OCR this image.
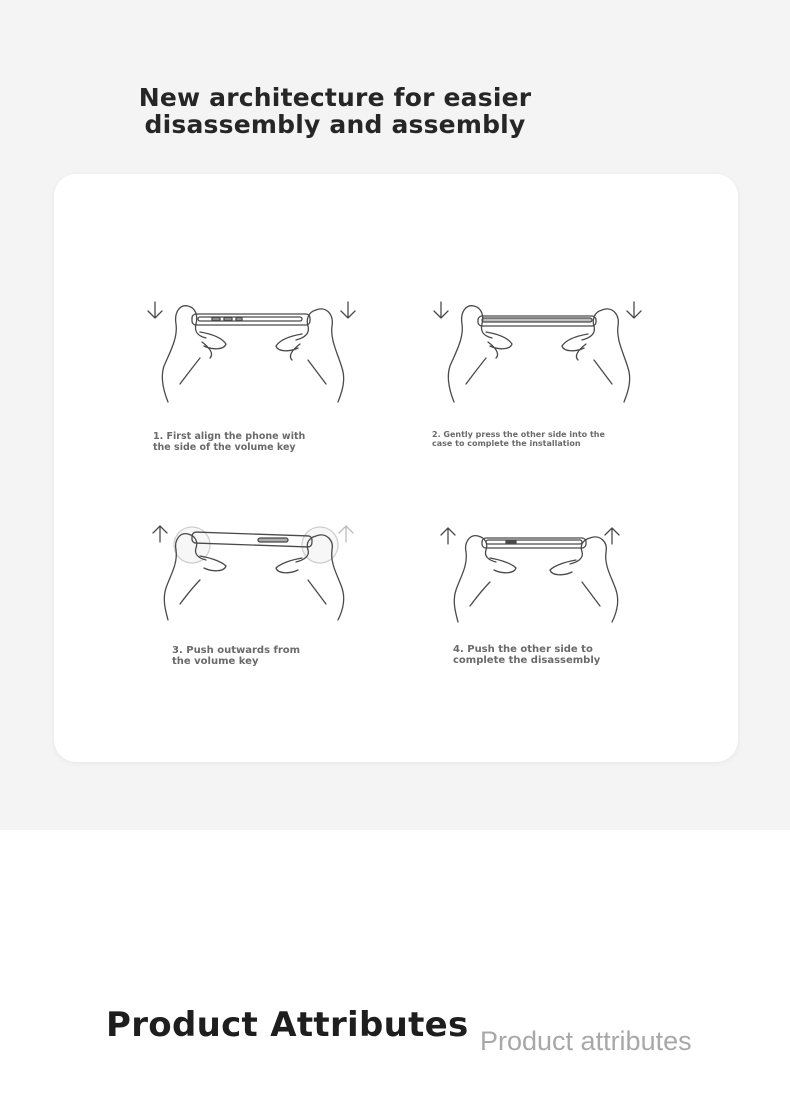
New architecture for easier
disassembly and assembly
1. First align the phone with
the side of the volume key
2. Gently press the other side into the
case to complete the installation
3. Push outwards from
the volume key
4. Push the other side to
complete the disassembly
Product Attributes Product attributes
